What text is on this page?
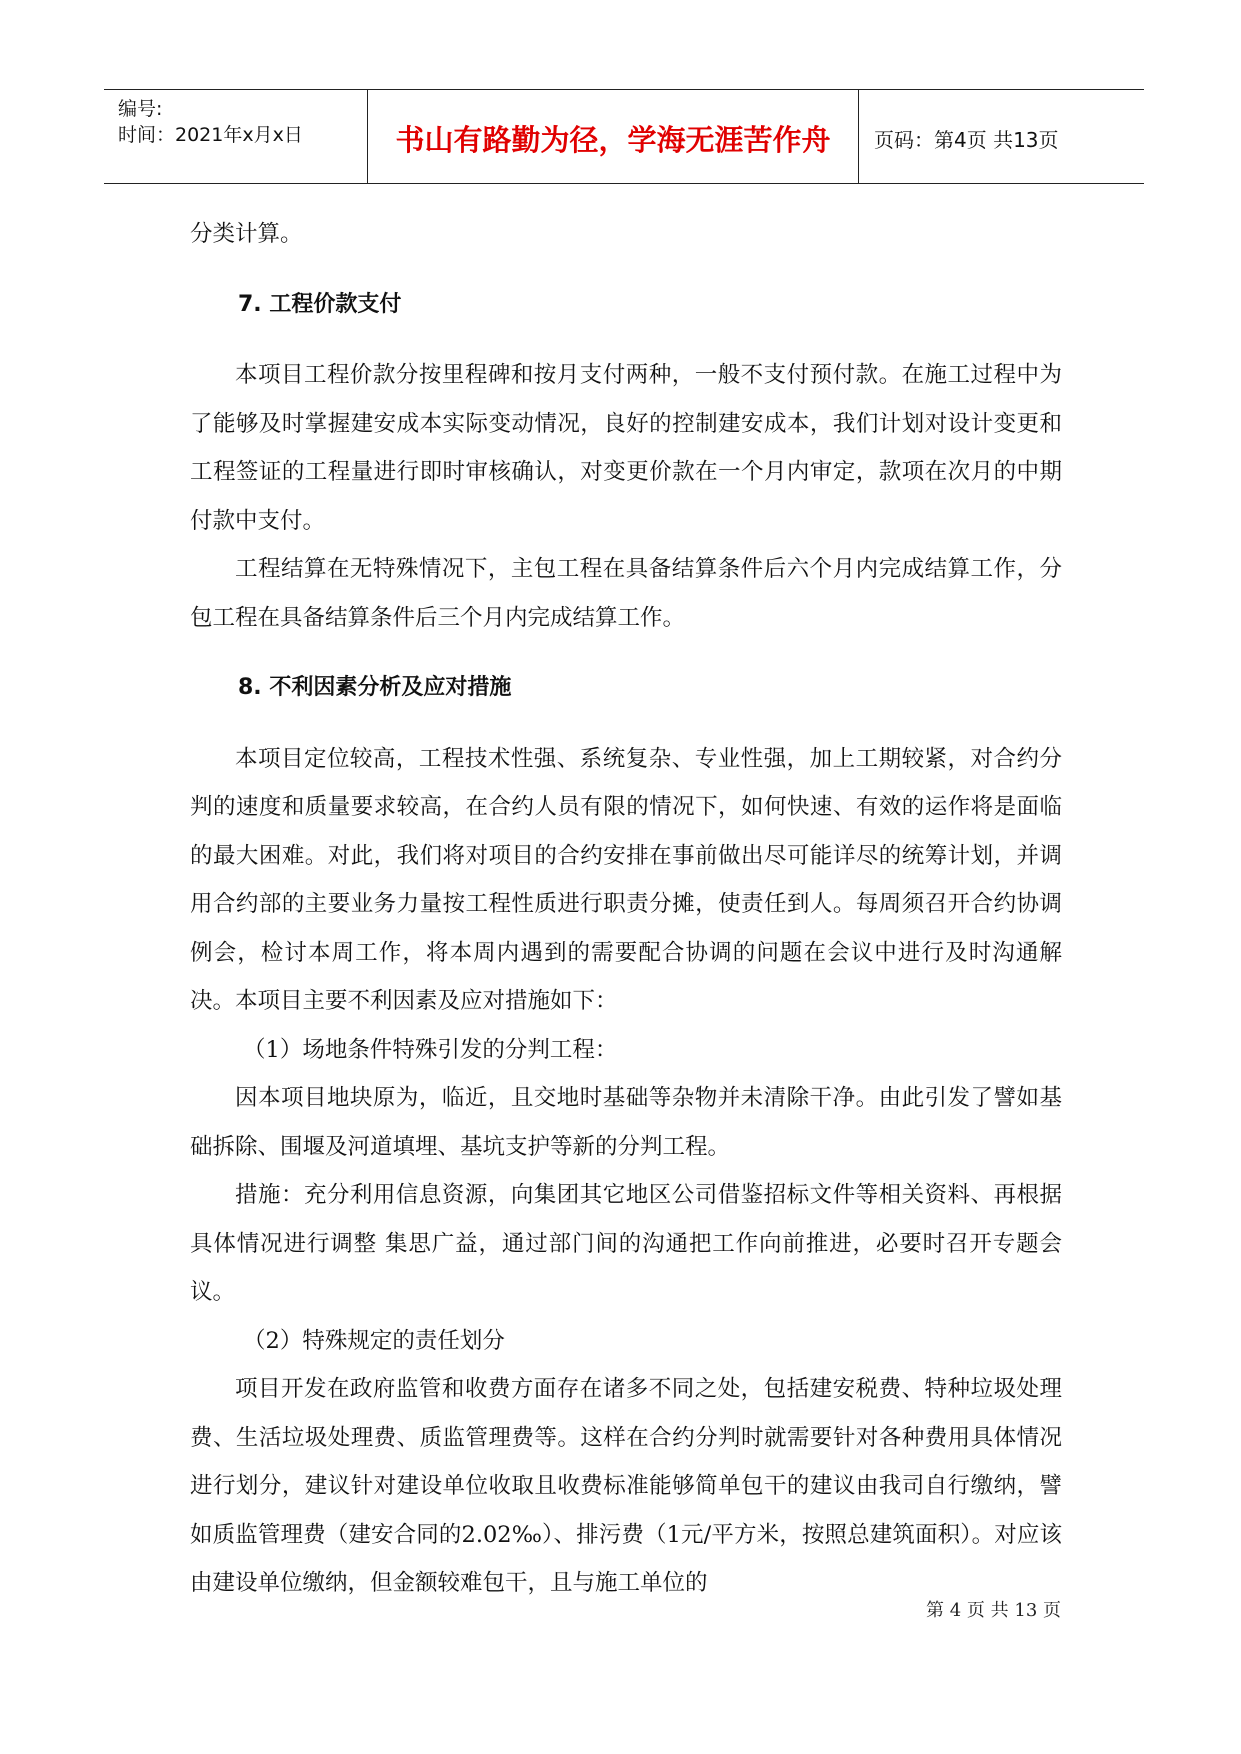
编号:
时间：2021年x月x日	书山有路勤为径，学海无涯苦作舟	页码：第4页 共13页

分类计算。

7. 工程价款支付

本项目工程价款分按里程碑和按月支付两种，一般不支付预付款。在施工过程中为了能够及时掌握建安成本实际变动情况，良好的控制建安成本，我们计划对设计变更和工程签证的工程量进行即时审核确认，对变更价款在一个月内审定，款项在次月的中期付款中支付。

工程结算在无特殊情况下，主包工程在具备结算条件后六个月内完成结算工作，分包工程在具备结算条件后三个月内完成结算工作。

8. 不利因素分析及应对措施

本项目定位较高，工程技术性强、系统复杂、专业性强，加上工期较紧，对合约分判的速度和质量要求较高，在合约人员有限的情况下，如何快速、有效的运作将是面临的最大困难。对此，我们将对项目的合约安排在事前做出尽可能详尽的统筹计划，并调用合约部的主要业务力量按工程性质进行职责分摊，使责任到人。每周须召开合约协调例会，检讨本周工作，将本周内遇到的需要配合协调的问题在会议中进行及时沟通解决。本项目主要不利因素及应对措施如下：

（1）场地条件特殊引发的分判工程：

因本项目地块原为，临近，且交地时基础等杂物并未清除干净。由此引发了譬如基础拆除、围堰及河道填埋、基坑支护等新的分判工程。

措施：充分利用信息资源，向集团其它地区公司借鉴招标文件等相关资料、再根据具体情况进行调整 集思广益，通过部门间的沟通把工作向前推进，必要时召开专题会议。

（2）特殊规定的责任划分

项目开发在政府监管和收费方面存在诸多不同之处，包括建安税费、特种垃圾处理费、生活垃圾处理费、质监管理费等。这样在合约分判时就需要针对各种费用具体情况进行划分，建议针对建设单位收取且收费标准能够简单包干的建议由我司自行缴纳，譬如质监管理费（建安合同的2.02‰）、排污费（1元/平方米，按照总建筑面积）。对应该由建设单位缴纳，但金额较难包干，且与施工单位的

第 4 页 共 13 页
